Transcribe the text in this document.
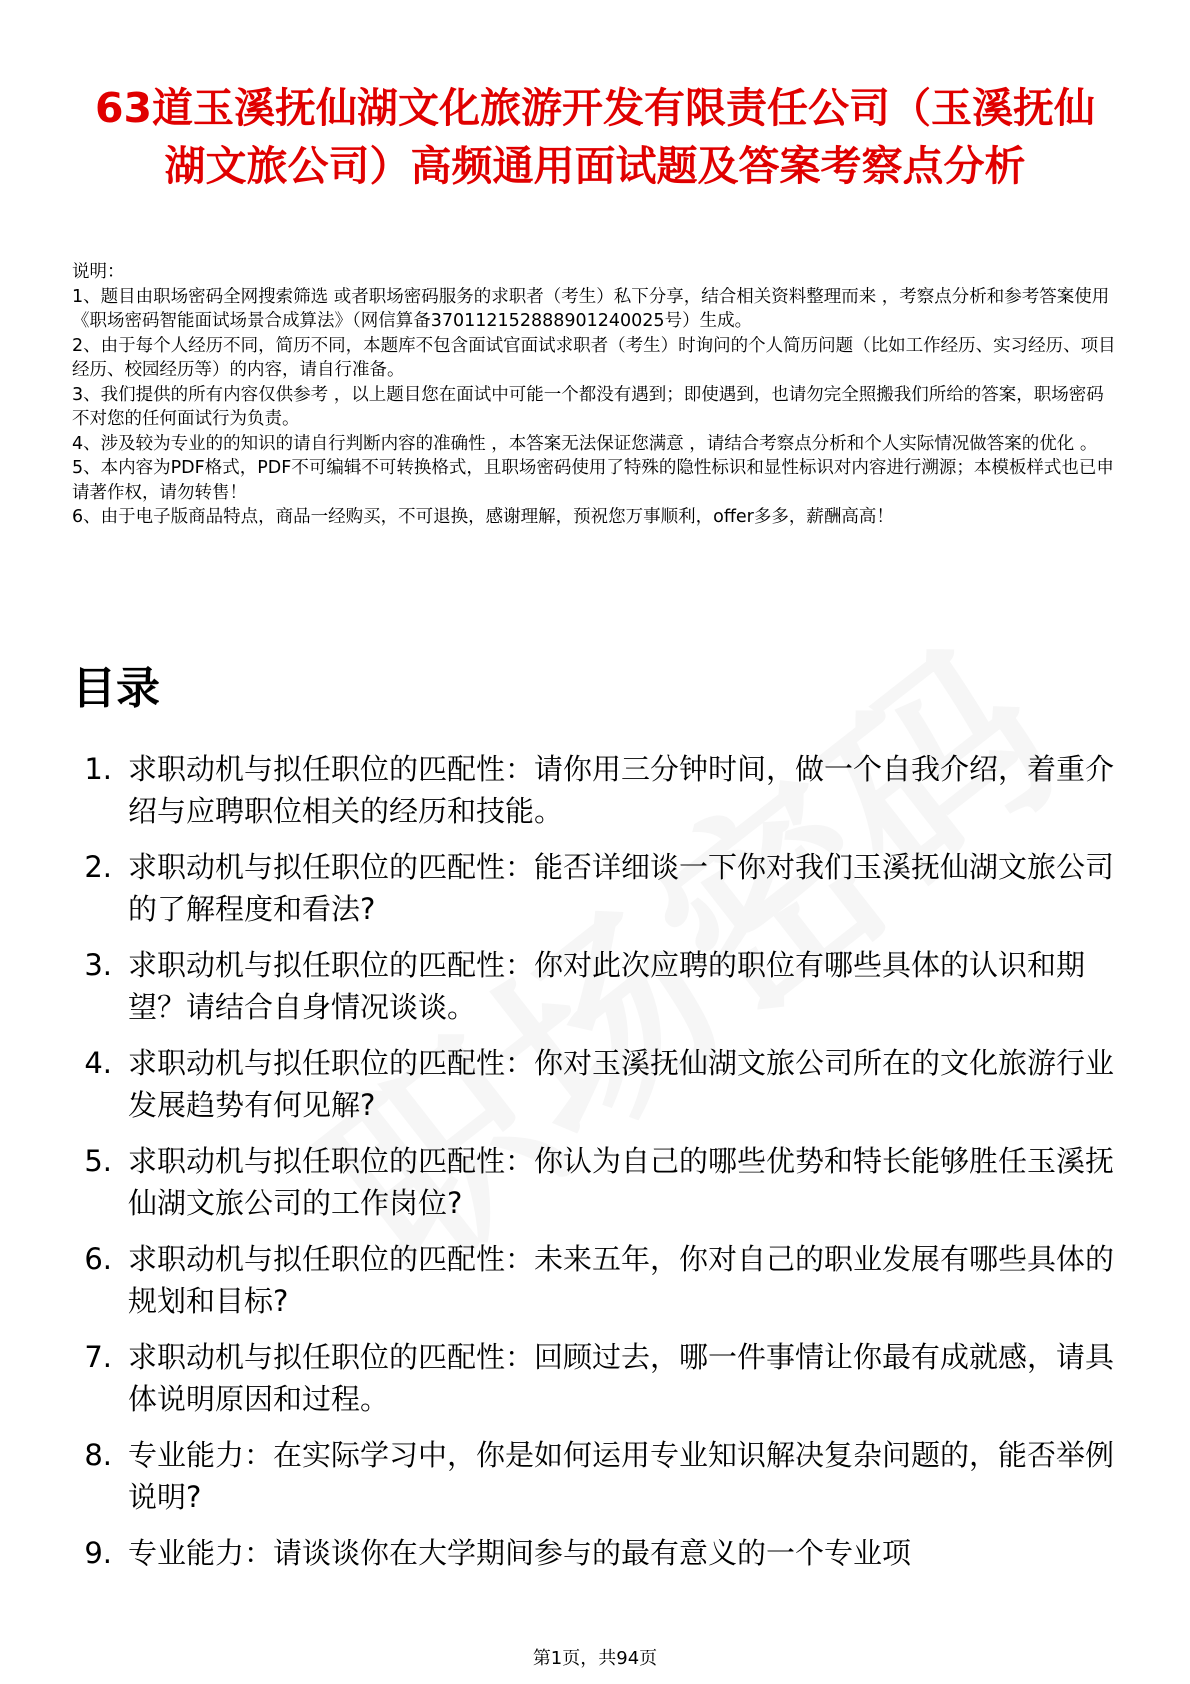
63道玉溪抚仙湖文化旅游开发有限责任公司（玉溪抚仙湖文旅公司）高频通用面试题及答案考察点分析

说明：

1、题目由职场密码全网搜索筛选 或者职场密码服务的求职者（考生）私下分享，结合相关资料整理而来 ，考察点分析和参考答案使用《职场密码智能面试场景合成算法》（网信算备370112152888901240025号）生成。

2、由于每个人经历不同，简历不同，本题库不包含面试官面试求职者（考生）时询问的个人简历问题（比如工作经历、实习经历、项目经历、校园经历等）的内容，请自行准备。

3、我们提供的所有内容仅供参考 ，以上题目您在面试中可能一个都没有遇到；即使遇到，也请勿完全照搬我们所给的答案，职场密码不对您的任何面试行为负责。

4、涉及较为专业的的知识的请自行判断内容的准确性 ，本答案无法保证您满意 ，请结合考察点分析和个人实际情况做答案的优化 。

5、本内容为PDF格式，PDF不可编辑不可转换格式，且职场密码使用了特殊的隐性标识和显性标识对内容进行溯源；本模板样式也已申请著作权，请勿转售！

6、由于电子版商品特点，商品一经购买，不可退换，感谢理解，预祝您万事顺利，offer多多，薪酬高高！

目录
1. 求职动机与拟任职位的匹配性：请你用三分钟时间，做一个自我介绍，着重介绍与应聘职位相关的经历和技能。
2. 求职动机与拟任职位的匹配性：能否详细谈一下你对我们玉溪抚仙湖文旅公司的了解程度和看法?
3. 求职动机与拟任职位的匹配性：你对此次应聘的职位有哪些具体的认识和期望？请结合自身情况谈谈。
4. 求职动机与拟任职位的匹配性：你对玉溪抚仙湖文旅公司所在的文化旅游行业发展趋势有何见解?
5. 求职动机与拟任职位的匹配性：你认为自己的哪些优势和特长能够胜任玉溪抚仙湖文旅公司的工作岗位?
6. 求职动机与拟任职位的匹配性：未来五年，你对自己的职业发展有哪些具体的规划和目标?
7. 求职动机与拟任职位的匹配性：回顾过去，哪一件事情让你最有成就感，请具体说明原因和过程。
8. 专业能力：在实际学习中，你是如何运用专业知识解决复杂问题的，能否举例说明?
9. 专业能力：请谈谈你在大学期间参与的最有意义的一个专业项
第1页，共94页
